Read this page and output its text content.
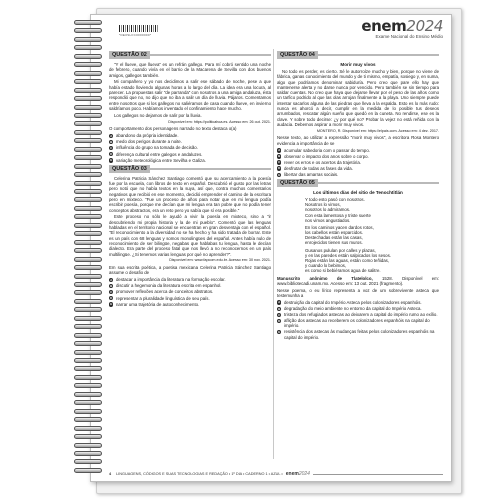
*DE0SLFC0000000*	enem2024
Exame Nacional do Ensino Médio
QUESTÃO 02

"Y el llueve, que llueva" es un refrán gallego. Para mí cobró sentido una noche de febrero, cuando vivía en el barrio de la Macarena de Sevilla con dos buenos amigos, gallegos también.

Mi compañero y yo nos decidimos a salir ese sábado de noche, pese a que había estado lloviendo algunas horas a lo largo del día. La idea era una locura, al parecer. La propuestas salir "de parranda" con nosotros a una amiga andaluza, ésta respondió que no, no dijo que no iba a salir un día de lluvia. Pájaros. Comentamos entre nosotros que si los gallegos no saliéramos de casa cuando llueve, en invierno saldríamos poco. Habíamos inventado el confinamiento hace mucho.

Los gallegos no dejamos de salir por la lluvia.

Disponível em: https://politicahoa.es. Acesso em: 26 out. 2021.

O comportamento dos personagens narrado no texto destaca o(a)

A abandono da própria identidade.
B medo dos perigos durante a noite.
C influência do grupo na tomada de decisão.
D diferença cultural entre galegos e andaluzes.
E variação meteorológica entre Sevilha e Galiza.
QUESTÃO 03

Celerina Patricia Sánchez Santiago comentó que su acercamiento a la poesía fue por la escuela, con libros de texto en español. Descubrió el gusto por las letras pero notó que no había textos en la suya, así que, contra muchos comentarios negativos que recibió en ese momento, decidió emprender el camino de la escritura pero en mixteco. "Fue un proceso de años para notar que en mi lengua podía escribir poesía, porque me decían que mi lengua era tan pobre que no podía tener conceptos abstractos, era un reto pero yo sabía que sí era posible."

Este proceso no sólo le ayudó a vivir la poesía en mixteco, sino a "ir descubriendo mi propia historia y la de mi pueblo". Comentó que las lenguas habladas en el territorio nacional se encuentran en gran desventaja con el español. "El reconocimiento a la diversidad no se ha hecho y ha sido tratada de borrar. Este es un país con 68 lenguas y somos monolingües del español. Antes había nulo de reconocimiento de ser bilingüe, negabas que hablabas tu lengua, hasta le decían dialecto. Era parte del proceso fatal que nos llevó a no reconocernos en un país multilingüe. ¿Si tenemos varias lenguas por qué no aprender?".

Disponível em: www.fapcom.edu.br. Acesso em: 30 nov. 2021.

Em sua escrita poética, a poetisa mexicana Celerina Patricia Sánchez Santiago assume o desafio de

A destacar a importância da literatura na formação escolar.
B discutir a hegemonia da literatura escrita em espanhol.
C promover reflexões acerca de conceitos abstratos.
D representar a pluralidade linguística de seu país.
E narrar uma trajetória de autoconhecimento.
QUESTÃO 04
Morir muy vivos

No todo es perder, es cierto. Sé le autorroíze mucho y bien, porque no viene de fábrica, ganas conocimiento del mundo y de ti mismo, empatía, sosiego y, en suma, algo que podríamos denominar sabiduría. Pero creo que pare ello hay que mantenerse alerta y no darse nunca por vencido. Pero también se sin tiempo para saldar cuentas. No creo que haya que dejarse llevar por el peso de las años como un tarfico podrido al que las olas arrojan finalmente a la playa. Uno siempre puede intentar sacarlos alguna de las piedras que lleva a la espalda. Esto es lo más rudo: nunca es ahorcó a decir, cumplir en la medida de lo posible tus deseos arrumbados, rescatar algún sueño que quedó en la cuneta. No rendirse, ese es la clave. Y sobre todo decirse: ¿y por qué no? Probar la vejez no está reñida con la audacia. Debemos aspirar a morir muy vivos.

MONTERO, R. Disponível em: https://elpais.com. Acesso em: 4 dez. 2017.

Nesse texto, ao utilizar a expressão "morir muy vivos", a escritora Rosa Montero evidencia a importância de se

A acumular sabedoria com o passar do tempo.
B observar o impacto dos anos sobre o corpo.
C rever os erros e os acertos da trajetória.
D desfrutar de todas as fases da vida.
E libertar das amarras sociais.
QUESTÃO 05
Los últimos días del sitio de Tenochtitlán
Y todo esto pasó con nosotros.
Nosotros lo vimos,
nosotros lo admiramos.
Con esta lamentosa y triste suerte
nos vimos angustiados.
En los caminos yacen dardos rotos,
los cabellos están esparcidos.
Destechadas están las casas,
enrojecidos tienen sus muros.
Gusanos pululan por calles y plazas,
y en las paredes están salpicados los sesos.
Rojas están las aguas, están como teñidas,
y cuando lo bebimos,
es como si bebiéramos agua de salitre.

Manuscrito anônimo de Tlatelolco, 1528. Disponível em: www.bibliotecadi.unam.mx. Acesso em: 13 out. 2021 (fragmento).

Nesse poema, o eu lírico representa a voz de um sobrevivente asteca que testemunha a

A destruição da capital do Império Asteca pelos colonizadores espanhóis.
B degradação do meio ambiente no entorno da capital do Império Asteca.
C tristeza dos refugiados astecas ao deixarem a capital do império rumo ao exílio.
D aflição dos astecas ao receberem os colonizadores espanhóis na capital do império.
E resistência dos astecas às mudanças feitas pelos colonizadores espanhóis na capital do império.
4 LINGUAGENS, CÓDIGOS E SUAS TECNOLOGIAS E REDAÇÃO • 1º DIA • CADERNO 1 • AZUL • enem2024
